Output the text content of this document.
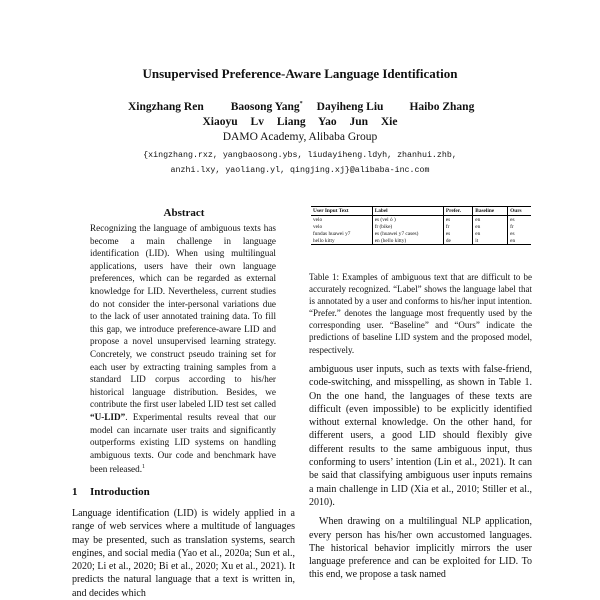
Unsupervised Preference-Aware Language Identification
Xingzhang Ren Baosong Yang* Dayiheng Liu Haibo Zhang
Xiaoyu Lv Liang Yao Jun Xie
DAMO Academy, Alibaba Group
{xingzhang.rxz, yangbaosong.ybs, liudayiheng.ldyh, zhanhui.zhb,
anzhi.lxy, yaoliang.yl, qingjing.xj}@alibaba-inc.com
Abstract
Recognizing the language of ambiguous texts has become a main challenge in language identification (LID). When using multilingual applications, users have their own language preferences, which can be regarded as external knowledge for LID. Nevertheless, current studies do not consider the inter-personal variations due to the lack of user annotated training data. To fill this gap, we introduce preference-aware LID and propose a novel unsupervised learning strategy. Concretely, we construct pseudo training set for each user by extracting training samples from a standard LID corpus according to his/her historical language distribution. Besides, we contribute the first user labeled LID test set called “U-LID”. Experimental results reveal that our model can incarnate user traits and significantly outperforms existing LID systems on handling ambiguous texts. Our code and benchmark have been released.$^1$
1 Introduction

Language identification (LID) is widely applied in a range of web services where a multitude of languages may be presented, such as translation systems, search engines, and social media (Yao et al., 2020a; Sun et al., 2020; Li et al., 2020; Bi et al., 2020; Xu et al., 2021). It predicts the natural language that a text is written in, and decides which

User Input Text	Label	Prefer.	Baseline	Ours
velo	es (vel ó )	es	en	es
velo	fr (bike)	fr	en	fr
fundas huawei y7	es (huawei y7 cases)	es	en	es
hello kitty	en (hello kitty)	de	it	en
Table 1: Examples of ambiguous text that are difficult to be accurately recognized. “Label” shows the language label that is annotated by a user and conforms to his/her input intention. “Prefer.” denotes the language most frequently used by the corresponding user. “Baseline” and “Ours” indicate the predictions of baseline LID system and the proposed model, respectively.

ambiguous user inputs, such as texts with false-friend, code-switching, and misspelling, as shown in Table 1. On the one hand, the languages of these texts are difficult (even impossible) to be explicitly identified without external knowledge. On the other hand, for different users, a good LID should flexibly give different results to the same ambiguous input, thus conforming to users’ intention (Lin et al., 2021). It can be said that classifying ambiguous user inputs remains a main challenge in LID (Xia et al., 2010; Stiller et al., 2010).

When drawing on a multilingual NLP application, every person has his/her own accustomed languages. The historical behavior implicitly mirrors the user language preference and can be exploited for LID. To this end, we propose a task named
